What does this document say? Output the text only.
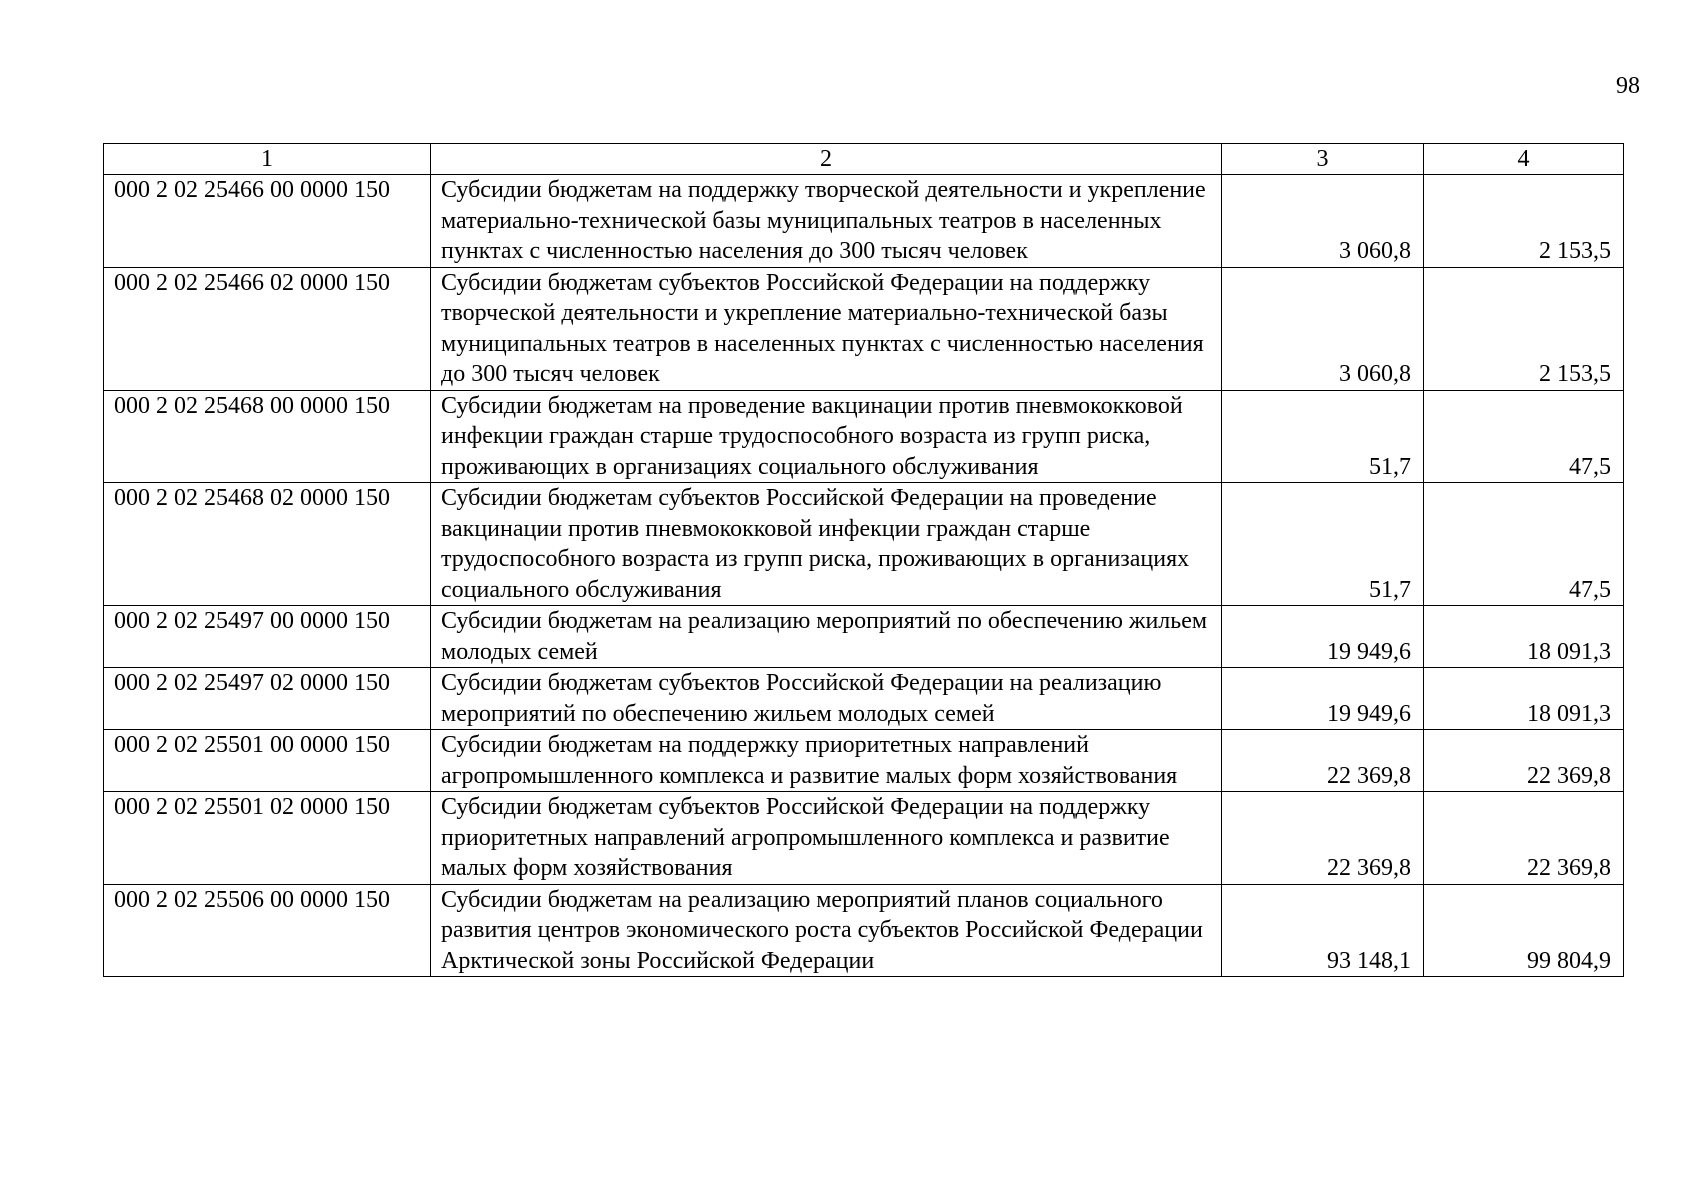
98
1	2	3	4
000 2 02 25466 00 0000 150	Субсидии бюджетам на поддержку творческой деятельности и укрепление материально-технической базы муниципальных театров в населенных пунктах с численностью населения до 300 тысяч человек	3 060,8	2 153,5
000 2 02 25466 02 0000 150	Субсидии бюджетам субъектов Российской Федерации на поддержку творческой деятельности и укрепление материально-технической базы муниципальных театров в населенных пунктах с численностью населения до 300 тысяч человек	3 060,8	2 153,5
000 2 02 25468 00 0000 150	Субсидии бюджетам на проведение вакцинации против пневмококковой инфекции граждан старше трудоспособного возраста из групп риска, проживающих в организациях социального обслуживания	51,7	47,5
000 2 02 25468 02 0000 150	Субсидии бюджетам субъектов Российской Федерации на проведение вакцинации против пневмококковой инфекции граждан старше трудоспособного возраста из групп риска, проживающих в организациях социального обслуживания	51,7	47,5
000 2 02 25497 00 0000 150	Субсидии бюджетам на реализацию мероприятий по обеспечению жильем молодых семей	19 949,6	18 091,3
000 2 02 25497 02 0000 150	Субсидии бюджетам субъектов Российской Федерации на реализацию мероприятий по обеспечению жильем молодых семей	19 949,6	18 091,3
000 2 02 25501 00 0000 150	Субсидии бюджетам на поддержку приоритетных направлений агропромышленного комплекса и развитие малых форм хозяйствования	22 369,8	22 369,8
000 2 02 25501 02 0000 150	Субсидии бюджетам субъектов Российской Федерации на поддержку приоритетных направлений агропромышленного комплекса и развитие малых форм хозяйствования	22 369,8	22 369,8
000 2 02 25506 00 0000 150	Субсидии бюджетам на реализацию мероприятий планов социального развития центров экономического роста субъектов Российской Федерации Арктической зоны Российской Федерации	93 148,1	99 804,9
